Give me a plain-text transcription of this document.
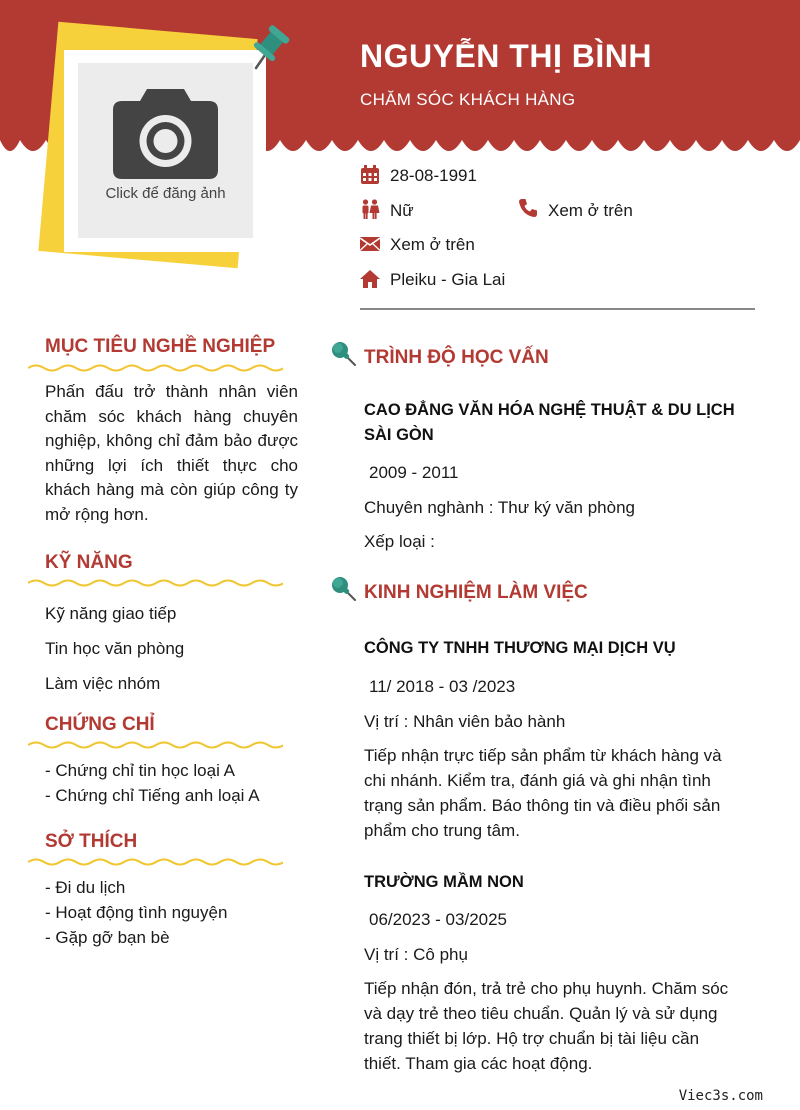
Click để đăng ảnh
NGUYỄN THỊ BÌNH
CHĂM SÓC KHÁCH HÀNG
28-08-1991
Nữ	Xem ở trên
Xem ở trên
Pleiku - Gia Lai
MỤC TIÊU NGHỀ NGHIỆP
Phấn đấu trở thành nhân viên chăm sóc khách hàng chuyên nghiệp, không chỉ đảm bảo được những lợi ích thiết thực cho khách hàng mà còn giúp công ty mở rộng hơn.
KỸ NĂNG
Kỹ năng giao tiếp
Tin học văn phòng
Làm việc nhóm
CHỨNG CHỈ
- Chứng chỉ tin học loại A
- Chứng chỉ Tiếng anh loại A
SỞ THÍCH
- Đi du lịch
- Hoạt động tình nguyện
- Gặp gỡ bạn bè
TRÌNH ĐỘ HỌC VẤN
CAO ĐẲNG VĂN HÓA NGHỆ THUẬT & DU LỊCH
SÀI GÒN
2009 - 2011
Chuyên nghành : Thư ký văn phòng
Xếp loại :
KINH NGHIỆM LÀM VIỆC
CÔNG TY TNHH THƯƠNG MẠI DỊCH VỤ
11/ 2018 - 03 /2023
Vị trí : Nhân viên bảo hành
Tiếp nhận trực tiếp sản phẩm từ khách hàng và
chi nhánh. Kiểm tra, đánh giá và ghi nhận tình
trạng sản phẩm. Báo thông tin và điều phối sản
phẩm cho trung tâm.
TRƯỜNG MẦM NON
06/2023 - 03/2025
Vị trí : Cô phụ
Tiếp nhận đón, trả trẻ cho phụ huynh. Chăm sóc
và dạy trẻ theo tiêu chuẩn. Quản lý và sử dụng
trang thiết bị lớp. Hộ trợ chuẩn bị tài liệu cần
thiết. Tham gia các hoạt động.
Viec3s.com
